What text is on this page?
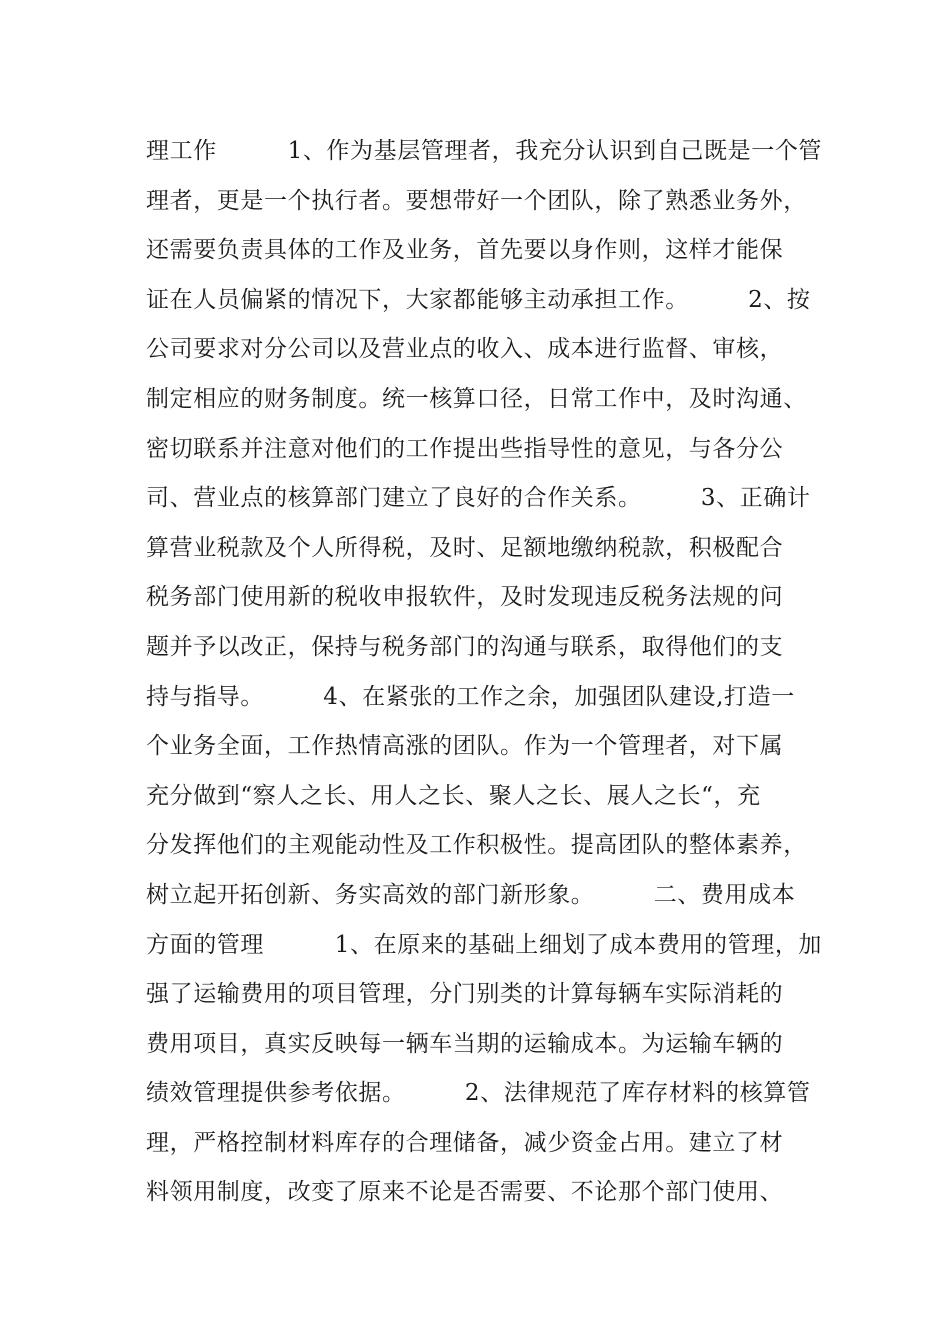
理工作　　　1、作为基层管理者，我充分认识到自己既是一个管
理者，更是一个执行者。要想带好一个团队，除了熟悉业务外，
还需要负责具体的工作及业务，首先要以身作则，这样才能保
证在人员偏紧的情况下，大家都能够主动承担工作。　　　2、按
公司要求对分公司以及营业点的收入、成本进行监督、审核，
制定相应的财务制度。统一核算口径，日常工作中，及时沟通、
密切联系并注意对他们的工作提出些指导性的意见，与各分公
司、营业点的核算部门建立了良好的合作关系。　　　3、正确计
算营业税款及个人所得税，及时、足额地缴纳税款，积极配合
税务部门使用新的税收申报软件，及时发现违反税务法规的问
题并予以改正，保持与税务部门的沟通与联系，取得他们的支
持与指导。　　　4、在紧张的工作之余，加强团队建设,打造一
个业务全面，工作热情高涨的团队。作为一个管理者，对下属
充分做到“察人之长、用人之长、聚人之长、展人之长“，充
分发挥他们的主观能动性及工作积极性。提高团队的整体素养，
树立起开拓创新、务实高效的部门新形象。　　　二、费用成本
方面的管理　　　1、在原来的基础上细划了成本费用的管理，加
强了运输费用的项目管理，分门别类的计算每辆车实际消耗的
费用项目，真实反映每一辆车当期的运输成本。为运输车辆的
绩效管理提供参考依据。　　　2、法律规范了库存材料的核算管
理，严格控制材料库存的合理储备，减少资金占用。建立了材
料领用制度，改变了原来不论是否需要、不论那个部门使用、
